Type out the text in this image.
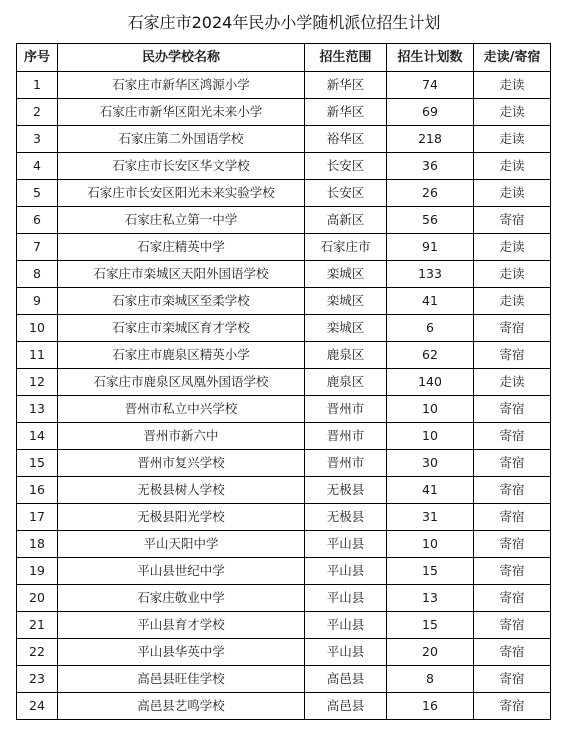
石家庄市2024年民办小学随机派位招生计划
序号	民办学校名称	招生范围	招生计划数	走读/寄宿
1	石家庄市新华区鸿源小学	新华区	74	走读
2	石家庄市新华区阳光未来小学	新华区	69	走读
3	石家庄第二外国语学校	裕华区	218	走读
4	石家庄市长安区华文学校	长安区	36	走读
5	石家庄市长安区阳光未来实验学校	长安区	26	走读
6	石家庄私立第一中学	高新区	56	寄宿
7	石家庄精英中学	石家庄市	91	走读
8	石家庄市栾城区天阳外国语学校	栾城区	133	走读
9	石家庄市栾城区至柔学校	栾城区	41	走读
10	石家庄市栾城区育才学校	栾城区	6	寄宿
11	石家庄市鹿泉区精英小学	鹿泉区	62	寄宿
12	石家庄市鹿泉区凤凰外国语学校	鹿泉区	140	走读
13	晋州市私立中兴学校	晋州市	10	寄宿
14	晋州市新六中	晋州市	10	寄宿
15	晋州市复兴学校	晋州市	30	寄宿
16	无极县树人学校	无极县	41	寄宿
17	无极县阳光学校	无极县	31	寄宿
18	平山天阳中学	平山县	10	寄宿
19	平山县世纪中学	平山县	15	寄宿
20	石家庄敬业中学	平山县	13	寄宿
21	平山县育才学校	平山县	15	寄宿
22	平山县华英中学	平山县	20	寄宿
23	高邑县旺佳学校	高邑县	8	寄宿
24	高邑县艺鸣学校	高邑县	16	寄宿
